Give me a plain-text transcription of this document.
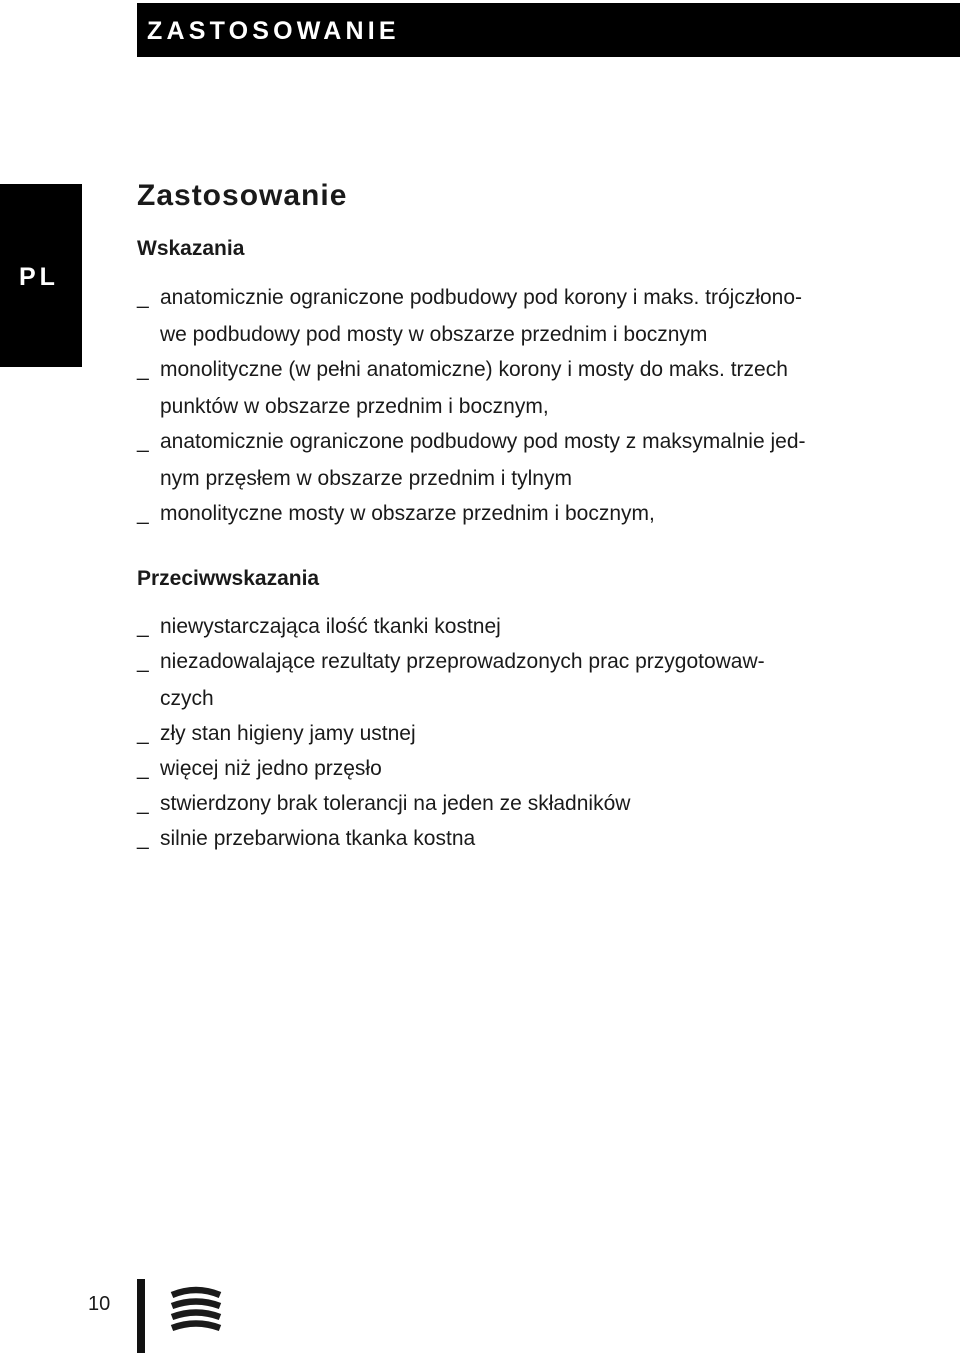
ZASTOSOWANIE
PL
Zastosowanie
Wskazania
_ anatomicznie ograniczone podbudowy pod korony i maks. trójczłono-
we podbudowy pod mosty w obszarze przednim i bocznym
_ monolityczne (w pełni anatomiczne) korony i mosty do maks. trzech
punktów w obszarze przednim i bocznym,
_ anatomicznie ograniczone podbudowy pod mosty z maksymalnie jed-
nym przęsłem w obszarze przednim i tylnym
_ monolityczne mosty w obszarze przednim i bocznym,
Przeciwwskazania
_ niewystarczająca ilość tkanki kostnej
_ niezadowalające rezultaty przeprowadzonych prac przygotowaw-
czych
_ zły stan higieny jamy ustnej
_ więcej niż jedno przęsło
_ stwierdzony brak tolerancji na jeden ze składników
_ silnie przebarwiona tkanka kostna
10
